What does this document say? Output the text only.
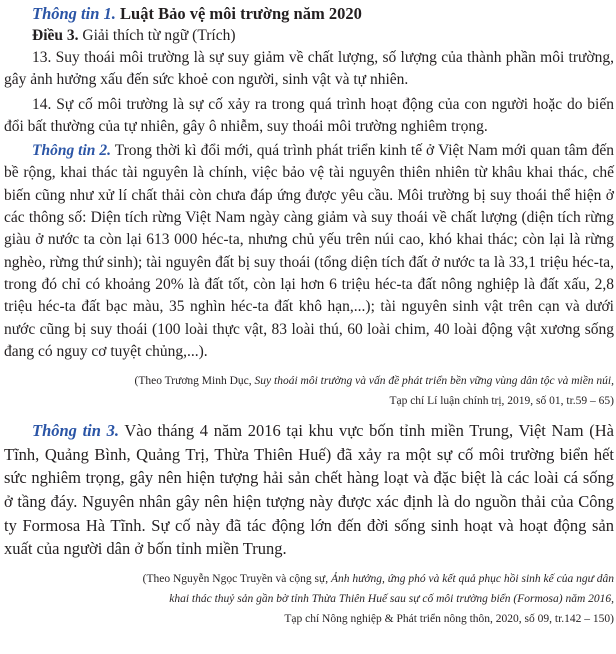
Thông tin 1. Luật Bảo vệ môi trường năm 2020

Điều 3. Giải thích từ ngữ (Trích)

13. Suy thoái môi trường là sự suy giảm về chất lượng, số lượng của thành phần môi trường, gây ảnh hưởng xấu đến sức khoẻ con người, sinh vật và tự nhiên.

14. Sự cố môi trường là sự cố xảy ra trong quá trình hoạt động của con người hoặc do biến đổi bất thường của tự nhiên, gây ô nhiễm, suy thoái môi trường nghiêm trọng.

Thông tin 2. Trong thời kì đổi mới, quá trình phát triển kinh tế ở Việt Nam mới quan tâm đến bề rộng, khai thác tài nguyên là chính, việc bảo vệ tài nguyên thiên nhiên từ khâu khai thác, chế biến cũng như xử lí chất thải còn chưa đáp ứng được yêu cầu. Môi trường bị suy thoái thể hiện ở các thông số: Diện tích rừng Việt Nam ngày càng giảm và suy thoái về chất lượng (diện tích rừng giàu ở nước ta còn lại 613 000 héc-ta, nhưng chủ yếu trên núi cao, khó khai thác; còn lại là rừng nghèo, rừng thứ sinh); tài nguyên đất bị suy thoái (tổng diện tích đất ở nước ta là 33,1 triệu héc-ta, trong đó chỉ có khoảng 20% là đất tốt, còn lại hơn 6 triệu héc-ta đất nông nghiệp là đất xấu, 2,8 triệu héc-ta đất bạc màu, 35 nghìn héc-ta đất khô hạn,...); tài nguyên sinh vật trên cạn và dưới nước cũng bị suy thoái (100 loài thực vật, 83 loài thú, 60 loài chim, 40 loài động vật xương sống đang có nguy cơ tuyệt chủng,...).

(Theo Trương Minh Dục, Suy thoái môi trường và vấn đề phát triển bền vững vùng dân tộc và miền núi,

Tạp chí Lí luận chính trị, 2019, số 01, tr.59 – 65)

Thông tin 3. Vào tháng 4 năm 2016 tại khu vực bốn tỉnh miền Trung, Việt Nam (Hà Tĩnh, Quảng Bình, Quảng Trị, Thừa Thiên Huế) đã xảy ra một sự cố môi trường biển hết sức nghiêm trọng, gây nên hiện tượng hải sản chết hàng loạt và đặc biệt là các loài cá sống ở tầng đáy. Nguyên nhân gây nên hiện tượng này được xác định là do nguồn thải của Công ty Formosa Hà Tĩnh. Sự cố này đã tác động lớn đến đời sống sinh hoạt và hoạt động sản xuất của người dân ở bốn tỉnh miền Trung.

(Theo Nguyễn Ngọc Truyền và cộng sự, Ảnh hưởng, ứng phó và kết quả phục hồi sinh kế của ngư dân

khai thác thuỷ sản gần bờ tỉnh Thừa Thiên Huế sau sự cố môi trường biển (Formosa) năm 2016,

Tạp chí Nông nghiệp & Phát triển nông thôn, 2020, số 09, tr.142 – 150)
